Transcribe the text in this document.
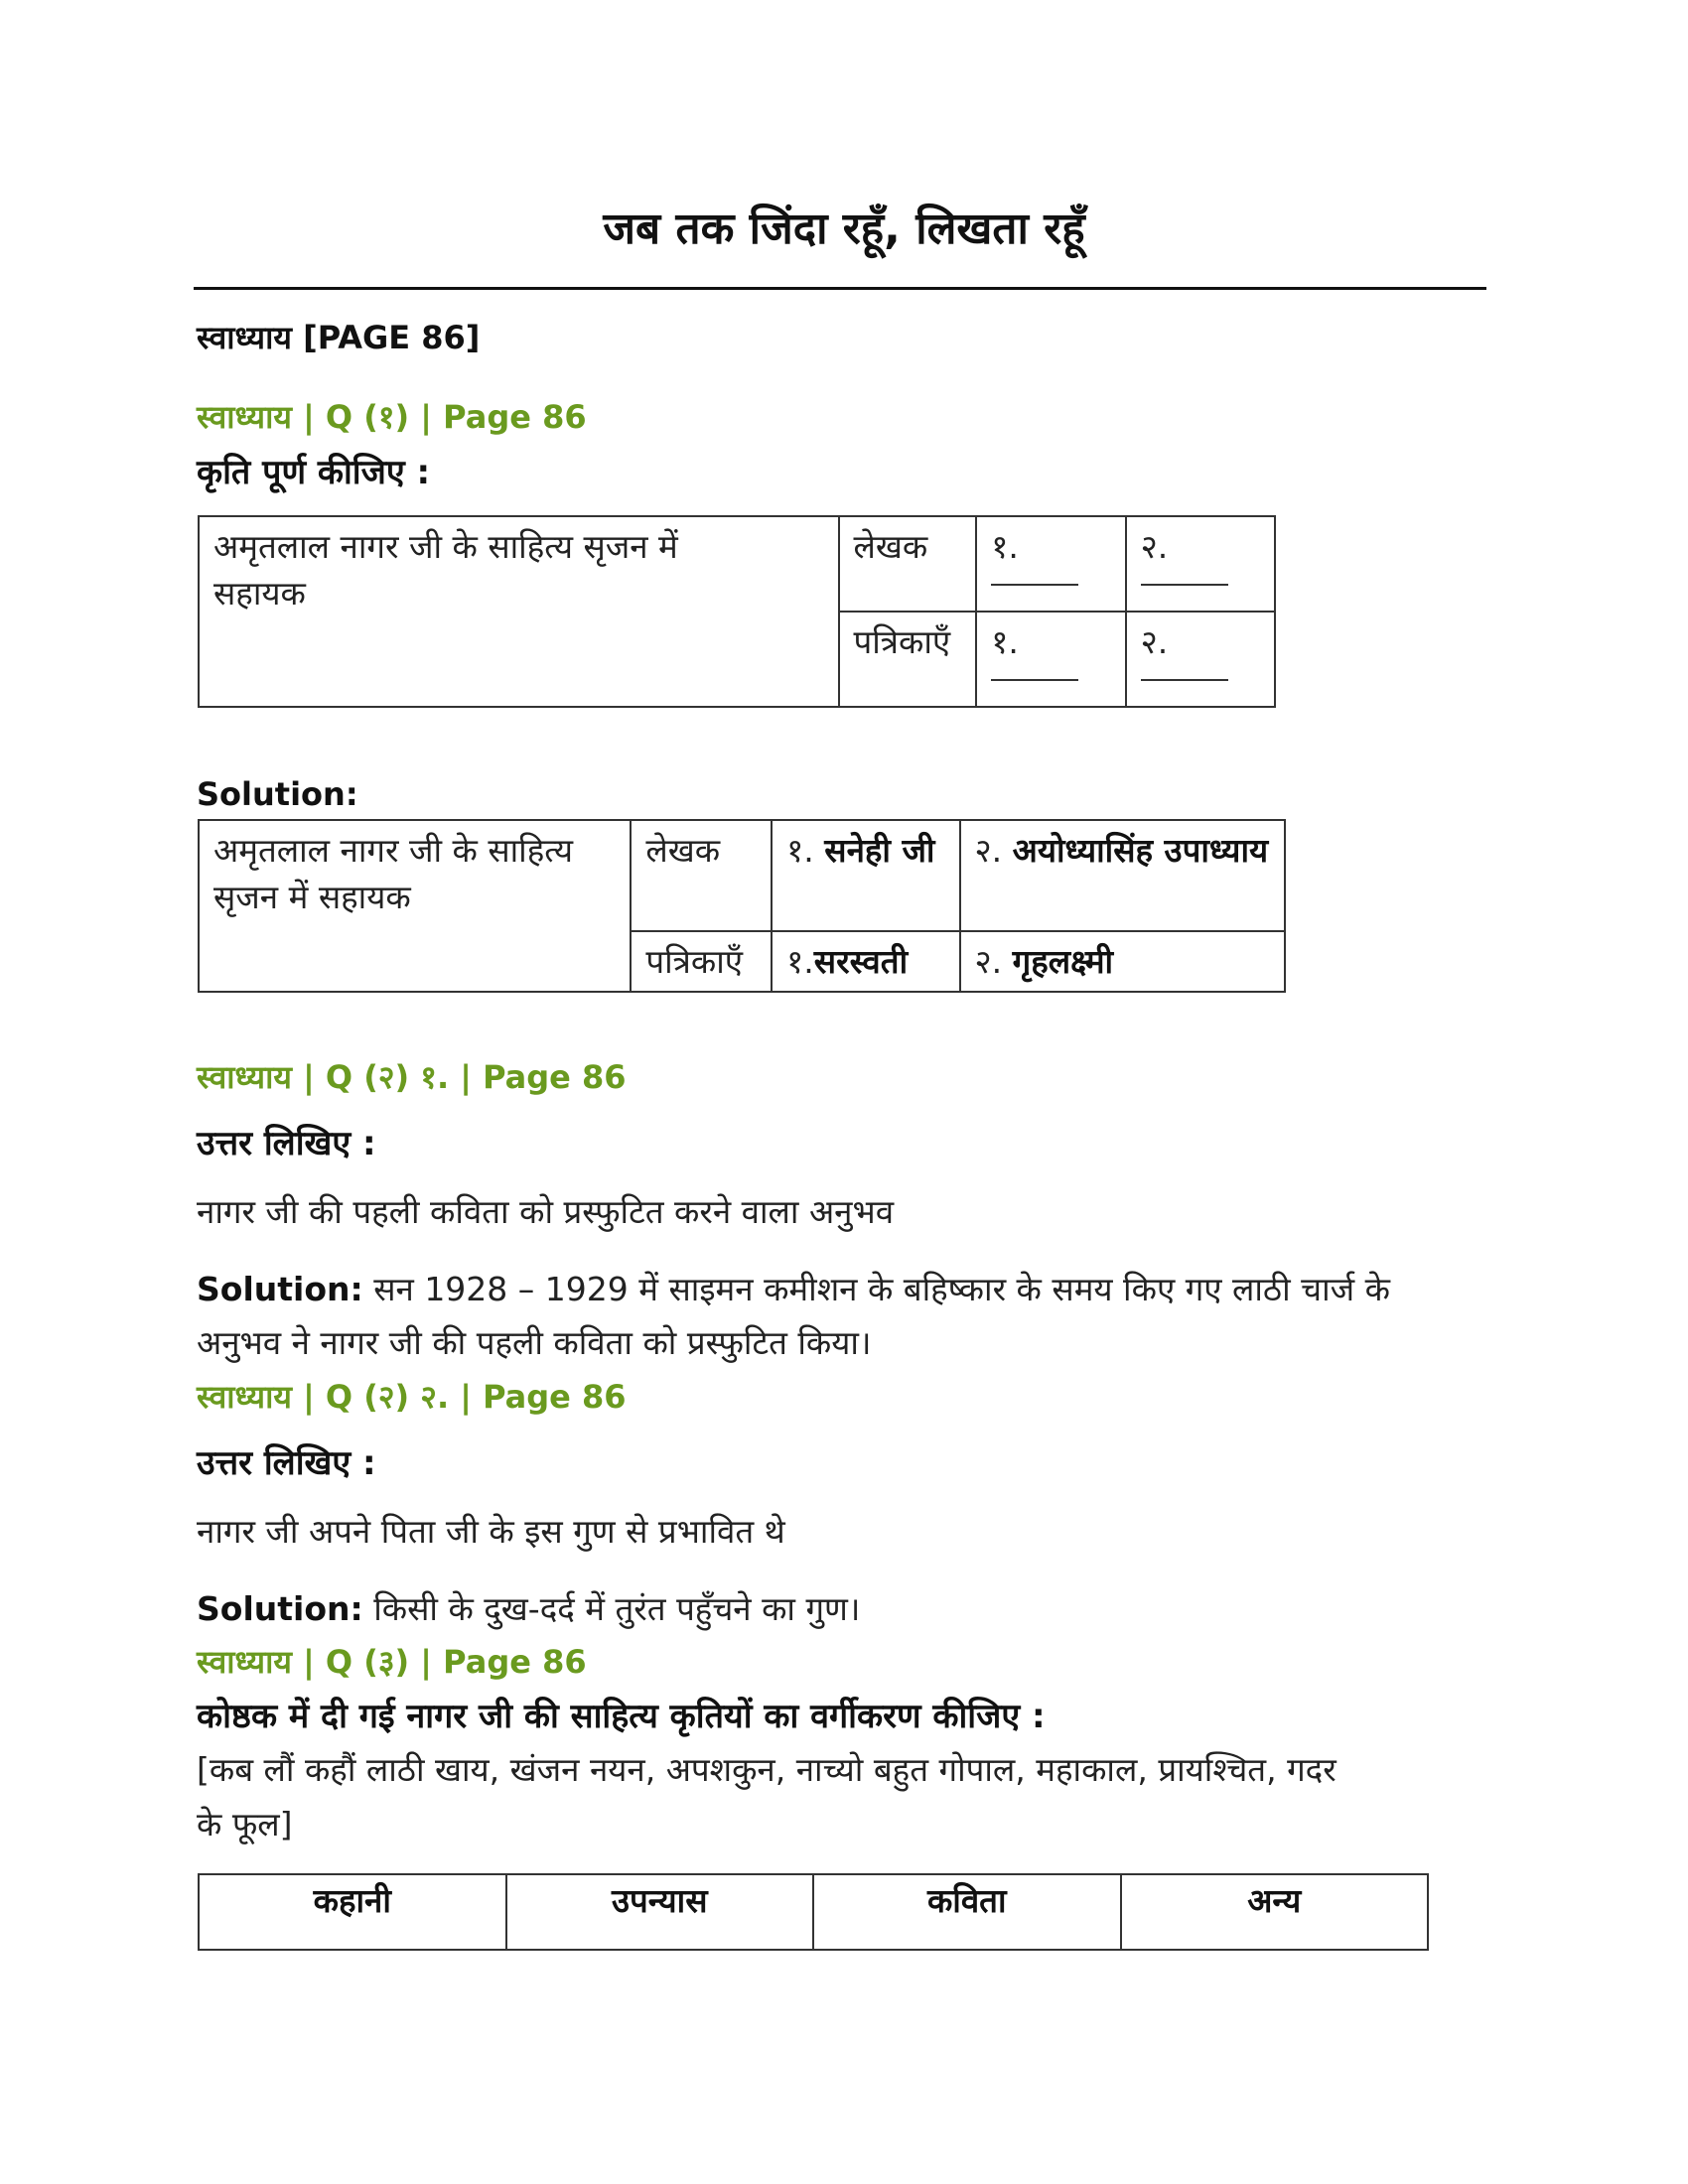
जब तक जिंदा रहूँ, लिखता रहूँ
स्वाध्याय [PAGE 86]
स्वाध्याय | Q (१) | Page 86
कृति पूर्ण कीजिए :
अमृतलाल नागर जी के साहित्य सृजन में सहायक	लेखक	१.	२.

	पत्रिकाएँ	१.	२.
Solution:
अमृतलाल नागर जी के साहित्य सृजन में सहायक	लेखक	१. सनेही जी	२. अयोध्यासिंह उपाध्याय
	पत्रिकाएँ	१.सरस्वती	२. गृहलक्ष्मी
स्वाध्याय | Q (२) १. | Page 86
उत्तर लिखिए :
नागर जी की पहली कविता को प्रस्फुटित करने वाला अनुभव
Solution: सन 1928 – 1929 में साइमन कमीशन के बहिष्कार के समय किए गए लाठी चार्ज के
अनुभव ने नागर जी की पहली कविता को प्रस्फुटित किया।
स्वाध्याय | Q (२) २. | Page 86
उत्तर लिखिए :
नागर जी अपने पिता जी के इस गुण से प्रभावित थे
Solution: किसी के दुख-दर्द में तुरंत पहुँचने का गुण।
स्वाध्याय | Q (३) | Page 86
कोष्ठक में दी गई नागर जी की साहित्य कृतियों का वर्गीकरण कीजिए :
[कब लौं कहौं लाठी खाय, खंजन नयन, अपशकुन, नाच्यो बहुत गोपाल, महाकाल, प्रायश्चित, गदर
के फूल]
कहानी	उपन्यास	कविता	अन्य
